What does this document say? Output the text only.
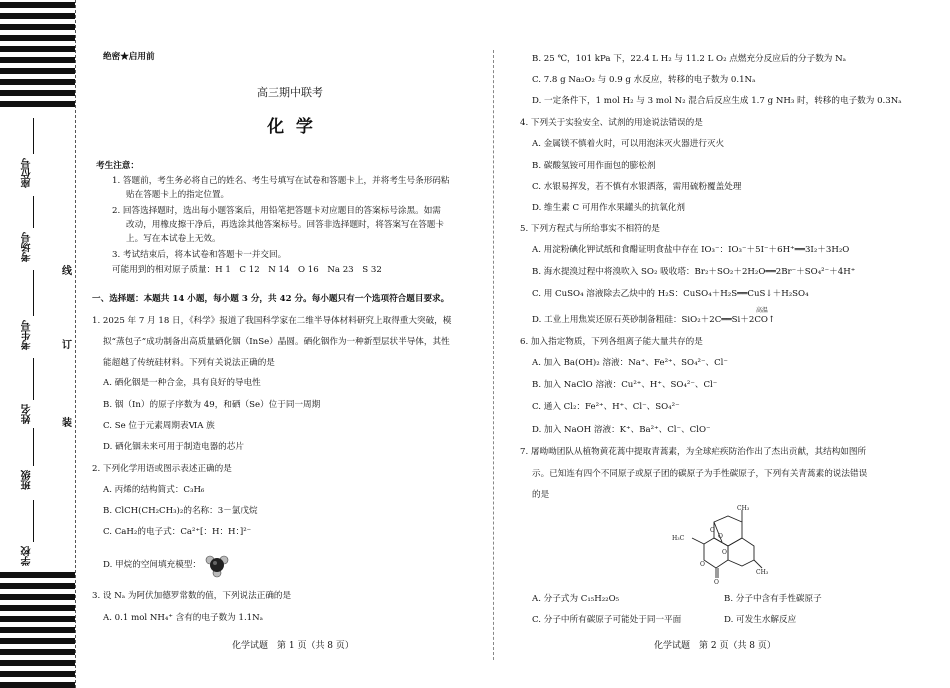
座位号
考场号
考生号
姓名
班级
学校
线
订
装
绝密★启用前
高三期中联考
化  学
考生注意：
1. 答题前，考生务必将自己的姓名、考生号填写在试卷和答题卡上，并将考生号条形码粘
贴在答题卡上的指定位置。
2. 回答选择题时，选出每小题答案后，用铅笔把答题卡对应题目的答案标号涂黑。如需
改动，用橡皮擦干净后，再选涂其他答案标号。回答非选择题时，将答案写在答题卡
上。写在本试卷上无效。
3. 考试结束后，将本试卷和答题卡一并交回。
可能用到的相对原子质量：H 1　C 12　N 14　O 16　Na 23　S 32
一、选择题：本题共 14 小题，每小题 3 分，共 42 分。每小题只有一个选项符合题目要求。
1. 2025 年 7 月 18 日，《科学》报道了我国科学家在二维半导体材料研究上取得重大突破，模
拟“蒸包子”成功制备出高质量硒化铟（InSe）晶圆。硒化铟作为一种新型层状半导体，其性
能超越了传统硅材料。下列有关说法正确的是
A. 硒化铟是一种合金，具有良好的导电性
B. 铟（In）的原子序数为 49，和硒（Se）位于同一周期
C. Se 位于元素周期表ⅥA 族
D. 硒化铟未来可用于制造电器的芯片
2. 下列化学用语或图示表述正确的是
A. 丙烯的结构简式：C₃H₆
B. ClCH(CH₂CH₃)₂的名称：3－氯戊烷
C. CaH₂的电子式：Ca²⁺[：H：H：]²⁻
D. 甲烷的空间填充模型：
3. 设 Nₐ 为阿伏加德罗常数的值，下列说法正确的是
A. 0.1 mol NH₄⁺ 含有的电子数为 1.1Nₐ
化学试题　第 1 页（共 8 页）
B. 25 ℃，101 kPa 下，22.4 L H₂ 与 11.2 L O₂ 点燃充分反应后的分子数为 Nₐ
C. 7.8 g Na₂O₂ 与 0.9 g 水反应，转移的电子数为 0.1Nₐ
D. 一定条件下，1 mol H₂ 与 3 mol N₂ 混合后反应生成 1.7 g NH₃ 时，转移的电子数为 0.3Nₐ
4. 下列关于实验安全、试剂的用途说法错误的是
A. 金属镁不慎着火时，可以用泡沫灭火器进行灭火
B. 碳酸氢铵可用作面包的膨松剂
C. 水银易挥发，若不慎有水银洒落，需用硫粉覆盖处理
D. 维生素 C 可用作水果罐头的抗氧化剂
5. 下列方程式与所给事实不相符的是
A. 用淀粉碘化钾试纸和食醋证明食盐中存在 IO₃⁻：IO₃⁻＋5I⁻＋6H⁺══3I₂＋3H₂O
B. 海水提溴过程中将溴吹入 SO₂ 吸收塔：Br₂＋SO₂＋2H₂O══2Br⁻＋SO₄²⁻＋4H⁺
C. 用 CuSO₄ 溶液除去乙炔中的 H₂S：CuSO₄＋H₂S══CuS↓＋H₂SO₄
高温
D. 工业上用焦炭还原石英砂制备粗硅：SiO₂＋2C══Si＋2CO↑
6. 加入指定物质，下列各组离子能大量共存的是
A. 加入 Ba(OH)₂ 溶液：Na⁺、Fe²⁺、SO₄²⁻、Cl⁻
B. 加入 NaClO 溶液：Cu²⁺、H⁺、SO₄²⁻、Cl⁻
C. 通入 Cl₂：Fe²⁺、H⁺、Cl⁻、SO₄²⁻
D. 加入 NaOH 溶液：K⁺、Ba²⁺、Cl⁻、ClO⁻
7. 屠呦呦团队从植物黄花蒿中提取青蒿素，为全球疟疾防治作出了杰出贡献，其结构如图所
示。已知连有四个不同原子或原子团的碳原子为手性碳原子，下列有关青蒿素的说法错误
的是
CH₃
H₃C
CH₃
O
O
O
O
O
A. 分子式为 C₁₅H₂₂O₅	B. 分子中含有手性碳原子
C. 分子中所有碳原子可能处于同一平面	D. 可发生水解反应
化学试题　第 2 页（共 8 页）
